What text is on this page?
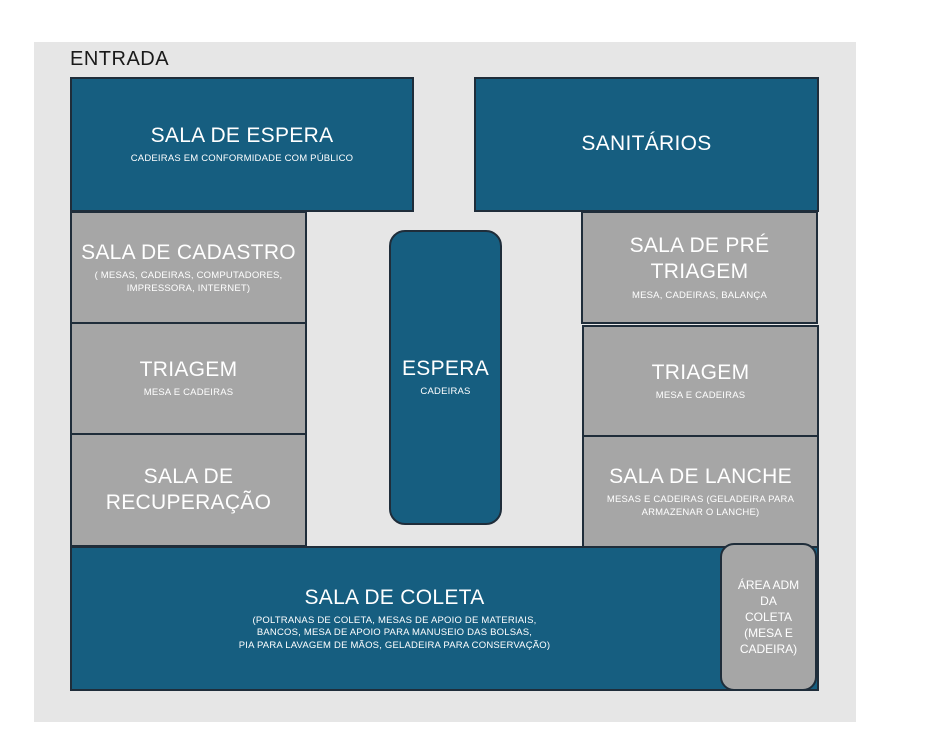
ENTRADA
SALA DE ESPERA
CADEIRAS EM CONFORMIDADE COM PÚBLICO
SANITÁRIOS
SALA DE CADASTRO
( MESAS, CADEIRAS, COMPUTADORES,
IMPRESSORA, INTERNET)
TRIAGEM
MESA E CADEIRAS
SALA DE
RECUPERAÇÃO
ESPERA
CADEIRAS
SALA DE PRÉ
TRIAGEM
MESA, CADEIRAS, BALANÇA
TRIAGEM
MESA E CADEIRAS
SALA DE LANCHE
MESAS E CADEIRAS (GELADEIRA PARA
ARMAZENAR O LANCHE)
SALA DE COLETA
(POLTRANAS DE COLETA, MESAS DE APOIO DE MATERIAIS,
BANCOS, MESA DE APOIO PARA MANUSEIO DAS BOLSAS,
PIA PARA LAVAGEM DE MÃOS, GELADEIRA PARA CONSERVAÇÃO)
ÁREA ADM
DA
COLETA
(MESA E
CADEIRA)
